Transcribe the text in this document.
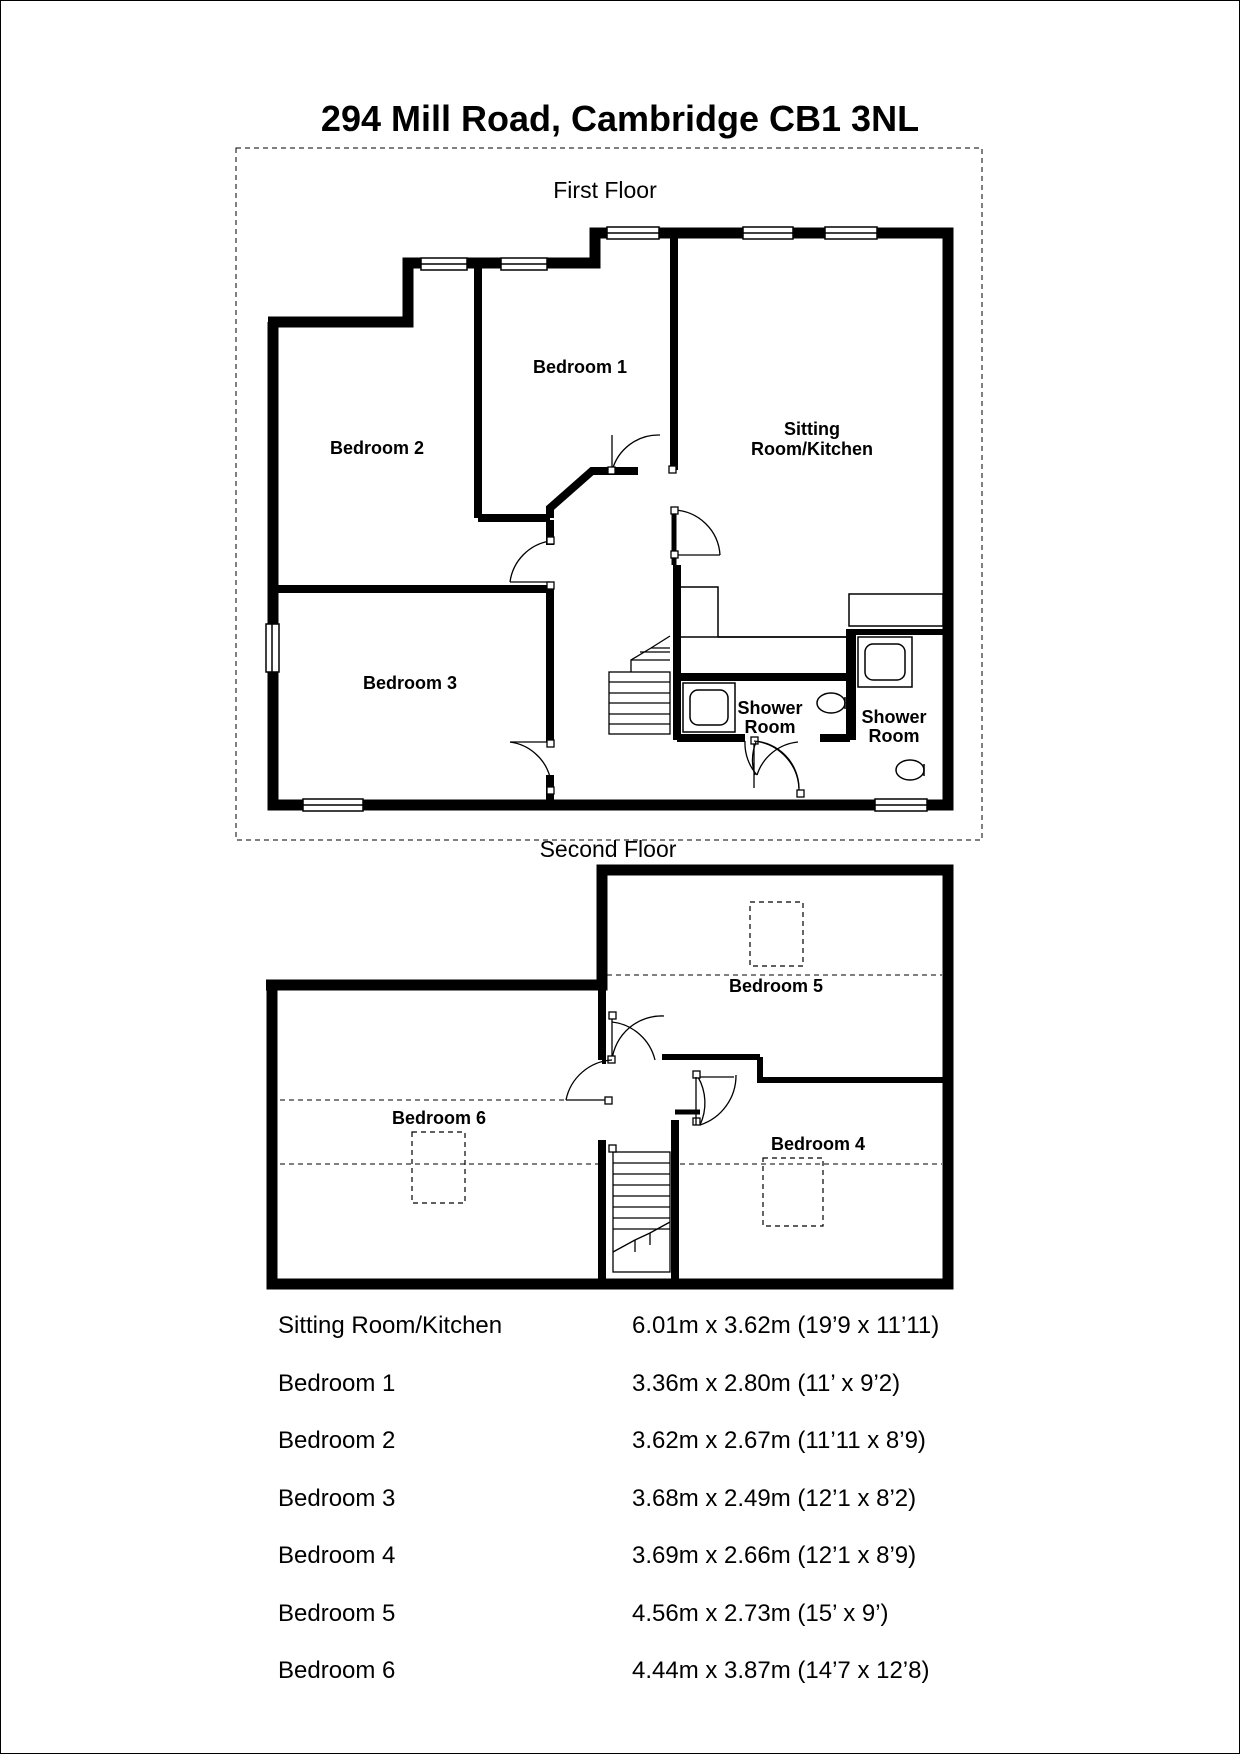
294 Mill Road, Cambridge CB1 3NL
First Floor
Bedroom 1
Bedroom 2
Bedroom 3
Sitting
Room/Kitchen
Shower
Room	Shower
Room
Second Floor
Bedroom 5
Bedroom 6
Bedroom 4
Sitting Room/Kitchen	6.01m x 3.62m (19’9 x 11’11)
Bedroom 1	3.36m x 2.80m (11’ x 9’2)
Bedroom 2	3.62m x 2.67m (11’11 x 8’9)
Bedroom 3	3.68m x 2.49m (12’1 x 8’2)
Bedroom 4	3.69m x 2.66m (12’1 x 8’9)
Bedroom 5	4.56m x 2.73m (15’ x 9’)
Bedroom 6	4.44m x 3.87m (14’7 x 12’8)
